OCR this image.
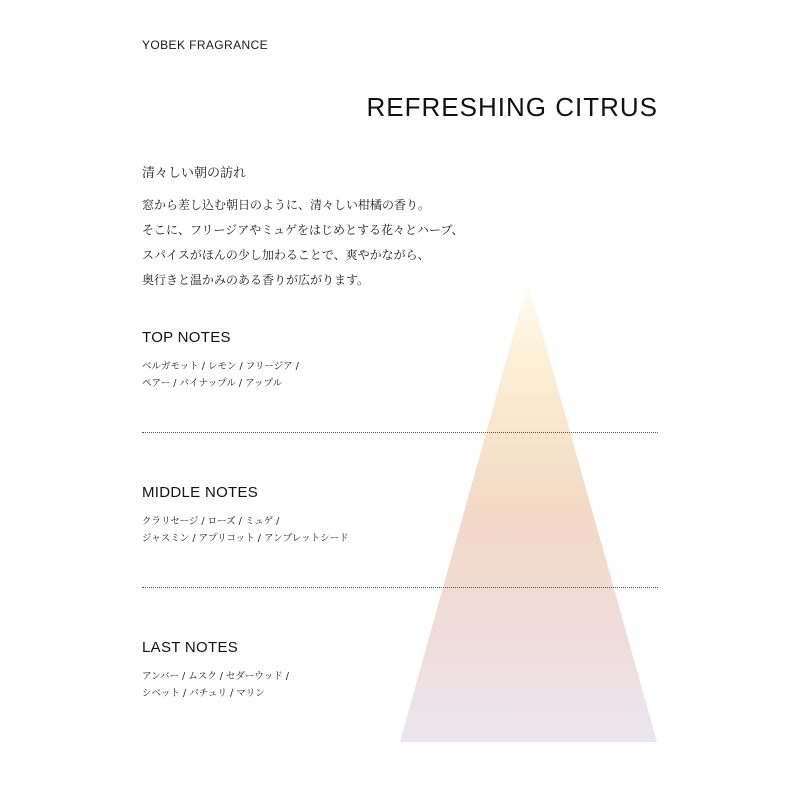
YOBEK FRAGRANCE
REFRESHING CITRUS
清々しい朝の訪れ
窓から差し込む朝日のように、清々しい柑橘の香り。
そこに、フリージアやミュゲをはじめとする花々とハーブ、
スパイスがほんの少し加わることで、爽やかながら、
奥行きと温かみのある香りが広がります。
TOP NOTES
ベルガモット / レモン / フリージア /
ペアー / パイナップル / アップル
MIDDLE NOTES
クラリセージ / ローズ / ミュゲ /
ジャスミン / アプリコット / アンブレットシード
LAST NOTES
アンバー / ムスク / セダーウッド /
シベット / パチュリ / マリン
